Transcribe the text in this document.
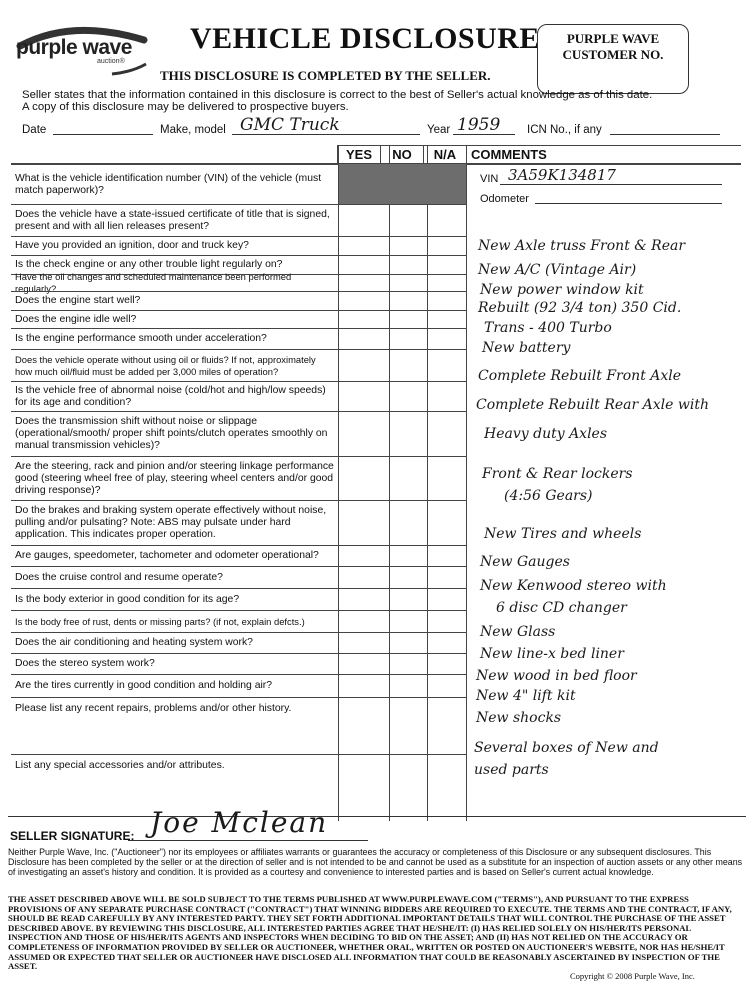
purple wave
auction®
VEHICLE DISCLOSURE
THIS DISCLOSURE IS COMPLETED BY THE SELLER.
PURPLE WAVE
CUSTOMER NO.
Seller states that the information contained in this disclosure is correct to the best of Seller's actual knowledge as of this date.
A copy of this disclosure may be delivered to prospective buyers.
Date	Make, model GMC Truck	Year 1959 ICN No., if any
	YES	NO	N/A	COMMENTS
What is the vehicle identification number (VIN) of the vehicle (must match paperwork)?
Does the vehicle have a state-issued certificate of title that is signed, present and with all lien releases present?
Have you provided an ignition, door and truck key?
Is the check engine or any other trouble light regularly on?
Have the oil changes and scheduled maintenance been performed regularly?
Does the engine start well?
Does the engine idle well?
Is the engine performance smooth under acceleration?
Does the vehicle operate without using oil or fluids? If not, approximately how much oil/fluid must be added per 3,000 miles of operation?
Is the vehicle free of abnormal noise (cold/hot and high/low speeds) for its age and condition?
Does the transmission shift without noise or slippage (operational/smooth/ proper shift points/clutch operates smoothly on manual transmission vehicles)?
Are the steering, rack and pinion and/or steering linkage performance good (steering wheel free of play, steering wheel centers and/or good driving response)?
Do the brakes and braking system operate effectively without noise, pulling and/or pulsating? Note: ABS may pulsate under hard application. This indicates proper operation.
Are gauges, speedometer, tachometer and odometer operational?
Does the cruise control and resume operate?
Is the body exterior in good condition for its age?
Is the body free of rust, dents or missing parts? (if not, explain defcts.)
Does the air conditioning and heating system work?
Does the stereo system work?
Are the tires currently in good condition and holding air?
Please list any recent repairs, problems and/or other history.
List any special accessories and/or attributes.
VIN 3A59K134817
Odometer
New Axle truss Front & Rear
New A/C (Vintage Air)
New power window kit
Rebuilt (92 3/4 ton) 350 Cid.
Trans - 400 Turbo
New battery
Complete Rebuilt Front Axle
Complete Rebuilt Rear Axle with
Heavy duty Axles
Front & Rear lockers
(4:56 Gears)
New Tires and wheels
New Gauges
New Kenwood stereo with
6 disc CD changer
New Glass
New line-x bed liner
New wood in bed floor
New 4" lift kit
New shocks
Several boxes of New and
used parts
SELLER SIGNATURE: Joe Mclean
Neither Purple Wave, Inc. ("Auctioneer") nor its employees or affiliates warrants or guarantees the accuracy or completeness of this Disclosure or any subsequent disclosures. This Disclosure has been completed by the seller or at the direction of seller and is not intended to be and cannot be used as a substitute for an inspection of auction assets or any other means of investigating an asset's history and condition. It is provided as a courtesy and convenience to interested parties and is based on Seller's current actual knowledge.
THE ASSET DESCRIBED ABOVE WILL BE SOLD SUBJECT TO THE TERMS PUBLISHED AT WWW.PURPLEWAVE.COM ("TERMS"), AND PURSUANT TO THE EXPRESS PROVISIONS OF ANY SEPARATE PURCHASE CONTRACT ("CONTRACT") THAT WINNING BIDDERS ARE REQUIRED TO EXECUTE. THE TERMS AND THE CONTRACT, IF ANY, SHOULD BE READ CAREFULLY BY ANY INTERESTED PARTY. THEY SET FORTH ADDITIONAL IMPORTANT DETAILS THAT WILL CONTROL THE PURCHASE OF THE ASSET DESCRIBED ABOVE. BY REVIEWING THIS DISCLOSURE, ALL INTERESTED PARTIES AGREE THAT HE/SHE/IT: (I) HAS RELIED SOLELY ON HIS/HER/ITS PERSONAL INSPECTION AND THOSE OF HIS/HER/ITS AGENTS AND INSPECTORS WHEN DECIDING TO BID ON THE ASSET; AND (II) HAS NOT RELIED ON THE ACCURACY OR COMPLETENESS OF INFORMATION PROVIDED BY SELLER OR AUCTIONEER, WHETHER ORAL, WRITTEN OR POSTED ON AUCTIONEER'S WEBSITE, NOR HAS HE/SHE/IT ASSUMED OR EXPECTED THAT SELLER OR AUCTIONEER HAVE DISCLOSED ALL INFORMATION THAT COULD BE REASONABLY ASCERTAINED BY INSPECTION OF THE ASSET.
Copyright © 2008 Purple Wave, Inc.
